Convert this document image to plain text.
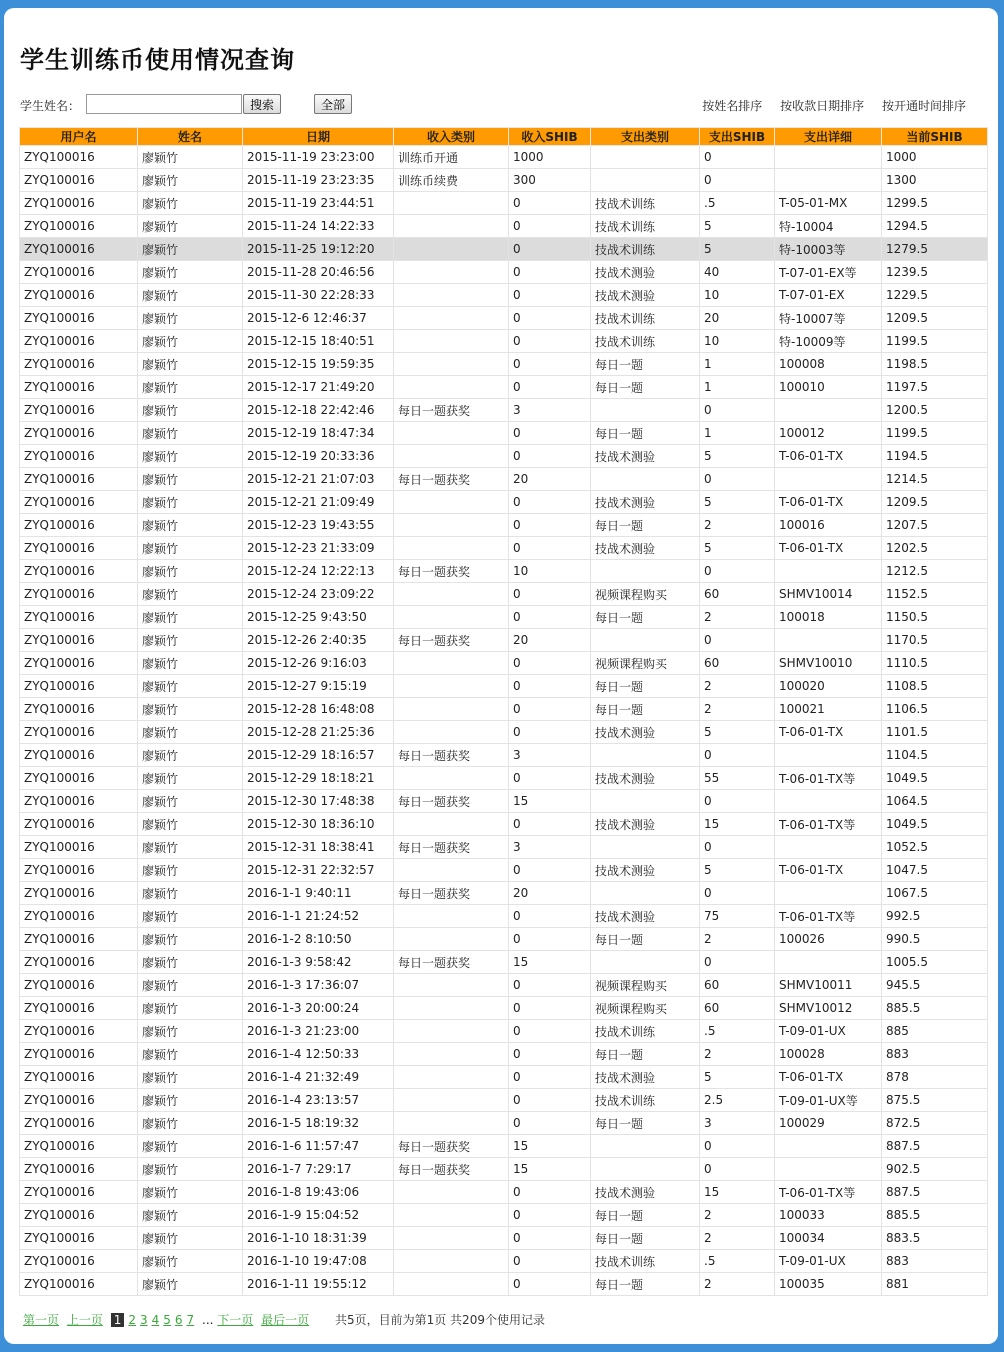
学生训练币使用情况查询
学生姓名：	搜索	全部	按姓名排序 按收款日期排序 按开通时间排序
用户名	姓名	日期	收入类别	收入SHIB	支出类别	支出SHIB	支出详细	当前SHIB
ZYQ100016	廖颖竹	2015-11-19 23:23:00	训练币开通	1000		0		1000
ZYQ100016	廖颖竹	2015-11-19 23:23:35	训练币续费	300		0		1300
ZYQ100016	廖颖竹	2015-11-19 23:44:51		0	技战术训练	.5	T-05-01-MX	1299.5
ZYQ100016	廖颖竹	2015-11-24 14:22:33		0	技战术训练	5	特-10004	1294.5
ZYQ100016	廖颖竹	2015-11-25 19:12:20		0	技战术训练	5	特-10003等	1279.5
ZYQ100016	廖颖竹	2015-11-28 20:46:56		0	技战术测验	40	T-07-01-EX等	1239.5
ZYQ100016	廖颖竹	2015-11-30 22:28:33		0	技战术测验	10	T-07-01-EX	1229.5
ZYQ100016	廖颖竹	2015-12-6 12:46:37		0	技战术训练	20	特-10007等	1209.5
ZYQ100016	廖颖竹	2015-12-15 18:40:51		0	技战术训练	10	特-10009等	1199.5
ZYQ100016	廖颖竹	2015-12-15 19:59:35		0	每日一题	1	100008	1198.5
ZYQ100016	廖颖竹	2015-12-17 21:49:20		0	每日一题	1	100010	1197.5
ZYQ100016	廖颖竹	2015-12-18 22:42:46	每日一题获奖	3		0		1200.5
ZYQ100016	廖颖竹	2015-12-19 18:47:34		0	每日一题	1	100012	1199.5
ZYQ100016	廖颖竹	2015-12-19 20:33:36		0	技战术测验	5	T-06-01-TX	1194.5
ZYQ100016	廖颖竹	2015-12-21 21:07:03	每日一题获奖	20		0		1214.5
ZYQ100016	廖颖竹	2015-12-21 21:09:49		0	技战术测验	5	T-06-01-TX	1209.5
ZYQ100016	廖颖竹	2015-12-23 19:43:55		0	每日一题	2	100016	1207.5
ZYQ100016	廖颖竹	2015-12-23 21:33:09		0	技战术测验	5	T-06-01-TX	1202.5
ZYQ100016	廖颖竹	2015-12-24 12:22:13	每日一题获奖	10		0		1212.5
ZYQ100016	廖颖竹	2015-12-24 23:09:22		0	视频课程购买	60	SHMV10014	1152.5
ZYQ100016	廖颖竹	2015-12-25 9:43:50		0	每日一题	2	100018	1150.5
ZYQ100016	廖颖竹	2015-12-26 2:40:35	每日一题获奖	20		0		1170.5
ZYQ100016	廖颖竹	2015-12-26 9:16:03		0	视频课程购买	60	SHMV10010	1110.5
ZYQ100016	廖颖竹	2015-12-27 9:15:19		0	每日一题	2	100020	1108.5
ZYQ100016	廖颖竹	2015-12-28 16:48:08		0	每日一题	2	100021	1106.5
ZYQ100016	廖颖竹	2015-12-28 21:25:36		0	技战术测验	5	T-06-01-TX	1101.5
ZYQ100016	廖颖竹	2015-12-29 18:16:57	每日一题获奖	3		0		1104.5
ZYQ100016	廖颖竹	2015-12-29 18:18:21		0	技战术测验	55	T-06-01-TX等	1049.5
ZYQ100016	廖颖竹	2015-12-30 17:48:38	每日一题获奖	15		0		1064.5
ZYQ100016	廖颖竹	2015-12-30 18:36:10		0	技战术测验	15	T-06-01-TX等	1049.5
ZYQ100016	廖颖竹	2015-12-31 18:38:41	每日一题获奖	3		0		1052.5
ZYQ100016	廖颖竹	2015-12-31 22:32:57		0	技战术测验	5	T-06-01-TX	1047.5
ZYQ100016	廖颖竹	2016-1-1 9:40:11	每日一题获奖	20		0		1067.5
ZYQ100016	廖颖竹	2016-1-1 21:24:52		0	技战术测验	75	T-06-01-TX等	992.5
ZYQ100016	廖颖竹	2016-1-2 8:10:50		0	每日一题	2	100026	990.5
ZYQ100016	廖颖竹	2016-1-3 9:58:42	每日一题获奖	15		0		1005.5
ZYQ100016	廖颖竹	2016-1-3 17:36:07		0	视频课程购买	60	SHMV10011	945.5
ZYQ100016	廖颖竹	2016-1-3 20:00:24		0	视频课程购买	60	SHMV10012	885.5
ZYQ100016	廖颖竹	2016-1-3 21:23:00		0	技战术训练	.5	T-09-01-UX	885
ZYQ100016	廖颖竹	2016-1-4 12:50:33		0	每日一题	2	100028	883
ZYQ100016	廖颖竹	2016-1-4 21:32:49		0	技战术测验	5	T-06-01-TX	878
ZYQ100016	廖颖竹	2016-1-4 23:13:57		0	技战术训练	2.5	T-09-01-UX等	875.5
ZYQ100016	廖颖竹	2016-1-5 18:19:32		0	每日一题	3	100029	872.5
ZYQ100016	廖颖竹	2016-1-6 11:57:47	每日一题获奖	15		0		887.5
ZYQ100016	廖颖竹	2016-1-7 7:29:17	每日一题获奖	15		0		902.5
ZYQ100016	廖颖竹	2016-1-8 19:43:06		0	技战术测验	15	T-06-01-TX等	887.5
ZYQ100016	廖颖竹	2016-1-9 15:04:52		0	每日一题	2	100033	885.5
ZYQ100016	廖颖竹	2016-1-10 18:31:39		0	每日一题	2	100034	883.5
ZYQ100016	廖颖竹	2016-1-10 19:47:08		0	技战术训练	.5	T-09-01-UX	883
ZYQ100016	廖颖竹	2016-1-11 19:55:12		0	每日一题	2	100035	881
第一页 上一页 1 2 3 4 5 6 7 ... 下一页 最后一页 共5页，目前为第1页 共209个使用记录
